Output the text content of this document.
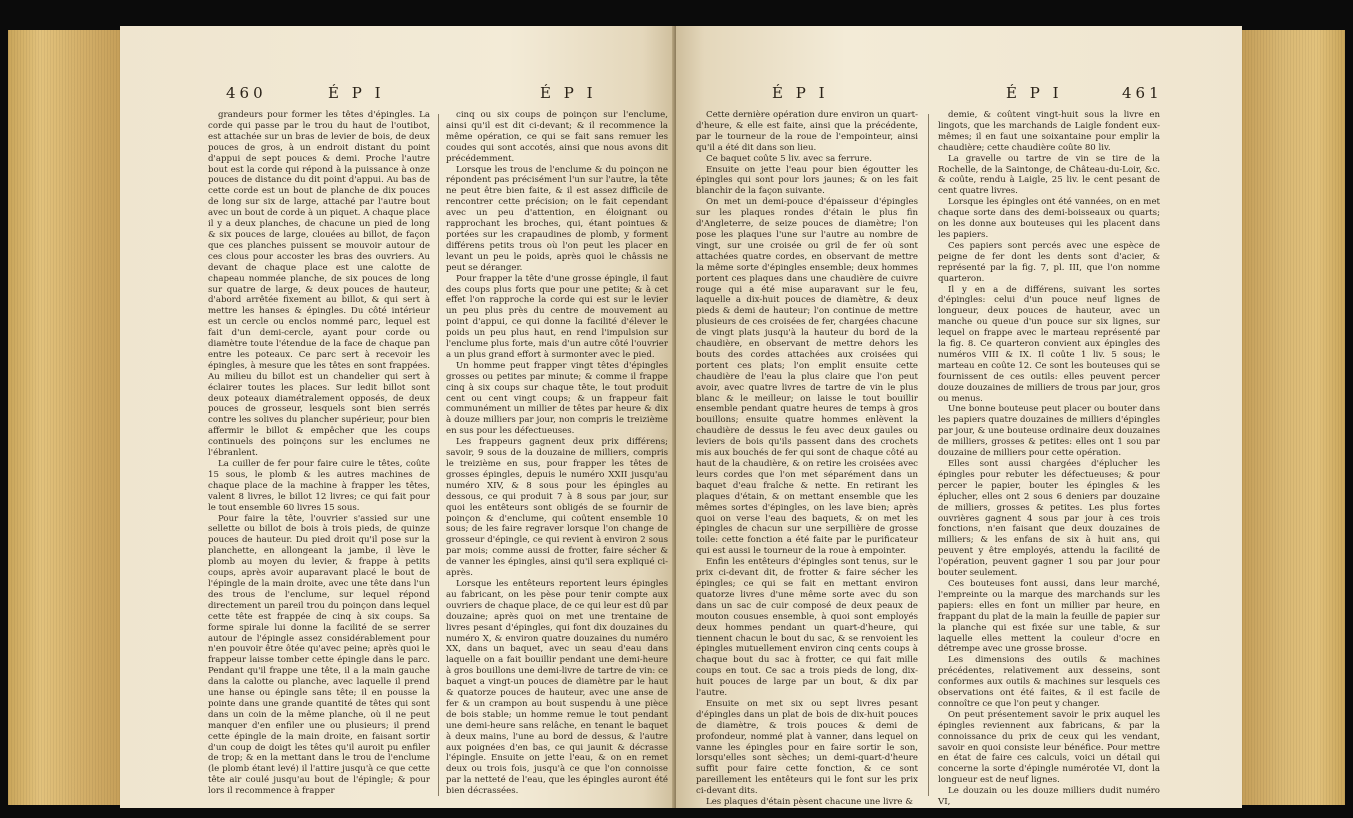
460	É P I	É P I

grandeurs pour former les têtes d'épingles. La corde qui passe par le trou du haut de l'outibot, est attachée sur un bras de levier de bois, de deux pouces de gros, à un endroit distant du point d'appui de sept pouces & demi. Proche l'autre bout est la corde qui répond à la puissance à onze pouces de distance du dit point d'appui. Au bas de cette corde est un bout de planche de dix pouces de long sur six de large, attaché par l'autre bout avec un bout de corde à un piquet. A chaque place il y a deux planches, de chacune un pied de long & six pouces de large, clouées au billot, de façon que ces planches puissent se mouvoir autour de ces clous pour accoster les bras des ouvriers. Au devant de chaque place est une calotte de chapeau nommée planche, de six pouces de long sur quatre de large, & deux pouces de hauteur, d'abord arrêtée fixement au billot, & qui sert à mettre les hanses & épingles. Du côté intérieur est un cercle ou enclos nommé parc, lequel est fait d'un demi-cercle, ayant pour corde ou diamètre toute l'étendue de la face de chaque pan entre les poteaux. Ce parc sert à recevoir les épingles, à mesure que les têtes en sont frappées. Au milieu du billot est un chandelier qui sert à éclairer toutes les places. Sur ledit billot sont deux poteaux diamétralement opposés, de deux pouces de grosseur, lesquels sont bien serrés contre les solives du plancher supérieur, pour bien affermir le billot & empêcher que les coups continuels des poinçons sur les enclumes ne l'ébranlent.

La cuiller de fer pour faire cuire le têtes, coûte 15 sous, le plomb & les autres machines de chaque place de la machine à frapper les têtes, valent 8 livres, le billot 12 livres; ce qui fait pour le tout ensemble 60 livres 15 sous.

Pour faire la tête, l'ouvrier s'assied sur une sellette ou billot de bois à trois pieds, de quinze pouces de hauteur. Du pied droit qu'il pose sur la planchette, en allongeant la jambe, il lève le plomb au moyen du levier, & frappe à petits coups, après avoir auparavant placé le bout de l'épingle de la main droite, avec une tête dans l'un des trous de l'enclume, sur lequel répond directement un pareil trou du poinçon dans lequel cette tête est frappée de cinq à six coups. Sa forme spirale lui donne la facilité de se serrer autour de l'épingle assez considérablement pour n'en pouvoir être ôtée qu'avec peine; après quoi le frappeur laisse tomber cette épingle dans le parc. Pendant qu'il frappe une tête, il a la main gauche dans la calotte ou planche, avec laquelle il prend une hanse ou épingle sans tête; il en pousse la pointe dans une grande quantité de têtes qui sont dans un coin de la même planche, où il ne peut manquer d'en enfiler une ou plusieurs; il prend cette épingle de la main droite, en faisant sortir d'un coup de doigt les têtes qu'il auroit pu enfiler de trop; & en la mettant dans le trou de l'enclume (le plomb étant levé) il l'attire jusqu'à ce que cette tête air coulé jusqu'au bout de l'épingle; & pour lors il recommence à frapper

cinq ou six coups de poinçon sur l'enclume, ainsi qu'il est dit ci-devant; & il recommence la même opération, ce qui se fait sans remuer les coudes qui sont accotés, ainsi que nous avons dit précédemment.

Lorsque les trous de l'enclume & du poinçon ne répondent pas précisément l'un sur l'autre, la tête ne peut être bien faite, & il est assez difficile de rencontrer cette précision; on le fait cependant avec un peu d'attention, en éloignant ou rapprochant les broches, qui, étant pointues & portées sur les crapaudines de plomb, y forment différens petits trous où l'on peut les placer en levant un peu le poids, après quoi le châssis ne peut se déranger.

Pour frapper la tête d'une grosse épingle, il faut des coups plus forts que pour une petite; & à cet effet l'on rapproche la corde qui est sur le levier un peu plus près du centre de mouvement au point d'appui, ce qui donne la facilité d'élever le poids un peu plus haut, en rend l'impulsion sur l'enclume plus forte, mais d'un autre côté l'ouvrier a un plus grand effort à surmonter avec le pied.

Un homme peut frapper vingt têtes d'épingles grosses ou petites par minute; & comme il frappe cinq à six coups sur chaque tête, le tout produit cent ou cent vingt coups; & un frappeur fait communément un millier de têtes par heure & dix à douze milliers par jour, non compris le treizième en sus pour les défectueuses.

Les frappeurs gagnent deux prix différens; savoir, 9 sous de la douzaine de milliers, compris le treizième en sus, pour frapper les têtes de grosses épingles, depuis le numéro XXII jusqu'au numéro XIV, & 8 sous pour les épingles au dessous, ce qui produit 7 à 8 sous par jour, sur quoi les entêteurs sont obligés de se fournir de poinçon & d'enclume, qui coûtent ensemble 10 sous; de les faire regraver lorsque l'on change de grosseur d'épingle, ce qui revient à environ 2 sous par mois; comme aussi de frotter, faire sécher & de vanner les épingles, ainsi qu'il sera expliqué ci-après.

Lorsque les entêteurs reportent leurs épingles au fabricant, on les pèse pour tenir compte aux ouvriers de chaque place, de ce qui leur est dû par douzaine; après quoi on met une trentaine de livres pesant d'épingles, qui font dix douzaines du numéro X, & environ quatre douzaines du numéro XX, dans un baquet, avec un seau d'eau dans laquelle on a fait bouillir pendant une demi-heure à gros bouillons une demi-livre de tartre de vin: ce baquet a vingt-un pouces de diamètre par le haut & quatorze pouces de hauteur, avec une anse de fer & un crampon au bout suspendu à une pièce de bois stable; un homme remue le tout pendant une demi-heure sans relâche, en tenant le baquet à deux mains, l'une au bord de dessus, & l'autre aux poignées d'en bas, ce qui jaunit & décrasse l'épingle. Ensuite on jette l'eau, & on en remet deux ou trois fois, jusqu'à ce que l'on connoisse par la netteté de l'eau, que les épingles auront été bien décrassées.

É P I	É P I	461

Cette dernière opération dure environ un quart-d'heure, & elle est faite, ainsi que la précédente, par le tourneur de la roue de l'empointeur, ainsi qu'il a été dit dans son lieu.

Ce baquet coûte 5 liv. avec sa ferrure.

Ensuite on jette l'eau pour bien égoutter les épingles qui sont pour lors jaunes; & on les fait blanchir de la façon suivante.

On met un demi-pouce d'épaisseur d'épingles sur les plaques rondes d'étain le plus fin d'Angleterre, de seize pouces de diamètre; l'on pose les plaques l'une sur l'autre au nombre de vingt, sur une croisée ou gril de fer où sont attachées quatre cordes, en observant de mettre la même sorte d'épingles ensemble; deux hommes portent ces plaques dans une chaudière de cuivre rouge qui a été mise auparavant sur le feu, laquelle a dix-huit pouces de diamètre, & deux pieds & demi de hauteur; l'on continue de mettre plusieurs de ces croisées de fer, chargées chacune de vingt plats jusqu'à la hauteur du bord de la chaudière, en observant de mettre dehors les bouts des cordes attachées aux croisées qui portent ces plats; l'on emplit ensuite cette chaudière de l'eau la plus claire que l'on peut avoir, avec quatre livres de tartre de vin le plus blanc & le meilleur; on laisse le tout bouillir ensemble pendant quatre heures de temps à gros bouillons; ensuite quatre hommes enlèvent la chaudière de dessus le feu avec deux gaules ou leviers de bois qu'ils passent dans des crochets mis aux bouchés de fer qui sont de chaque côté au haut de la chaudière, & on retire les croisées avec leurs cordes que l'on met séparément dans un baquet d'eau fraîche & nette. En retirant les plaques d'étain, & on mettant ensemble que les mêmes sortes d'épingles, on les lave bien; après quoi on verse l'eau des baquets, & on met les épingles de chacun sur une serpillière de grosse toile: cette fonction a été faite par le purificateur qui est aussi le tourneur de la roue à empointer.

Enfin les entêteurs d'épingles sont tenus, sur le prix ci-devant dit, de frotter & faire sécher les épingles; ce qui se fait en mettant environ quatorze livres d'une même sorte avec du son dans un sac de cuir composé de deux peaux de mouton cousues ensemble, à quoi sont employés deux hommes pendant un quart-d'heure, qui tiennent chacun le bout du sac, & se renvoient les épingles mutuellement environ cinq cents coups à chaque bout du sac à frotter, ce qui fait mille coups en tout. Ce sac a trois pieds de long, dix-huit pouces de large par un bout, & dix par l'autre.

Ensuite on met six ou sept livres pesant d'épingles dans un plat de bois de dix-huit pouces de diamètre, & trois pouces & demi de profondeur, nommé plat à vanner, dans lequel on vanne les épingles pour en faire sortir le son, lorsqu'elles sont sèches; un demi-quart-d'heure suffit pour faire cette fonction, & ce sont pareillement les entêteurs qui le font sur les prix ci-devant dits.

Les plaques d'étain pèsent chacune une livre &

demie, & coûtent vingt-huit sous la livre en lingots, que les marchands de Laigle fondent eux-mêmes; il en faut une soixantaine pour emplir la chaudière; cette chaudière coûte 80 liv.

La gravelle ou tartre de vin se tire de la Rochelle, de la Saintonge, de Château-du-Loir, &c. & coûte, rendu à Laigle, 25 liv. le cent pesant de cent quatre livres.

Lorsque les épingles ont été vannées, on en met chaque sorte dans des demi-boisseaux ou quarts; on les donne aux bouteuses qui les placent dans les papiers.

Ces papiers sont percés avec une espèce de peigne de fer dont les dents sont d'acier, & représenté par la fig. 7, pl. III, que l'on nomme quarteron.

Il y en a de différens, suivant les sortes d'épingles: celui d'un pouce neuf lignes de longueur, deux pouces de hauteur, avec un manche ou queue d'un pouce sur six lignes, sur lequel on frappe avec le marteau représenté par la fig. 8. Ce quarteron convient aux épingles des numéros VIII & IX. Il coûte 1 liv. 5 sous; le marteau en coûte 12. Ce sont les bouteuses qui se fournissent de ces outils: elles peuvent percer douze douzaines de milliers de trous par jour, gros ou menus.

Une bonne bouteuse peut placer ou bouter dans les papiers quatre douzaines de milliers d'épingles par jour, & une bouteuse ordinaire deux douzaines de milliers, grosses & petites: elles ont 1 sou par douzaine de milliers pour cette opération.

Elles sont aussi chargées d'éplucher les épingles pour rebuter les défectueuses; & pour percer le papier, bouter les épingles & les éplucher, elles ont 2 sous 6 deniers par douzaine de milliers, grosses & petites. Les plus fortes ouvrières gagnent 4 sous par jour à ces trois fonctions, n'en faisant que deux douzaines de milliers; & les enfans de six à huit ans, qui peuvent y être employés, attendu la facilité de l'opération, peuvent gagner 1 sou par jour pour bouter seulement.

Ces bouteuses font aussi, dans leur marché, l'empreinte ou la marque des marchands sur les papiers: elles en font un millier par heure, en frappant du plat de la main la feuille de papier sur la planche qui est fixée sur une table, & sur laquelle elles mettent la couleur d'ocre en détrempe avec une grosse brosse.

Les dimensions des outils & machines précédentes, relativement aux desseins, sont conformes aux outils & machines sur lesquels ces observations ont été faites, & il est facile de connoître ce que l'on peut y changer.

On peut présentement savoir le prix auquel les épingles reviennent aux fabricans, & par la connoissance du prix de ceux qui les vendant, savoir en quoi consiste leur bénéfice. Pour mettre en état de faire ces calculs, voici un détail qui concerne la sorte d'épingle numérotée VI, dont la longueur est de neuf lignes.

Le douzain ou les douze milliers dudit numéro VI,
